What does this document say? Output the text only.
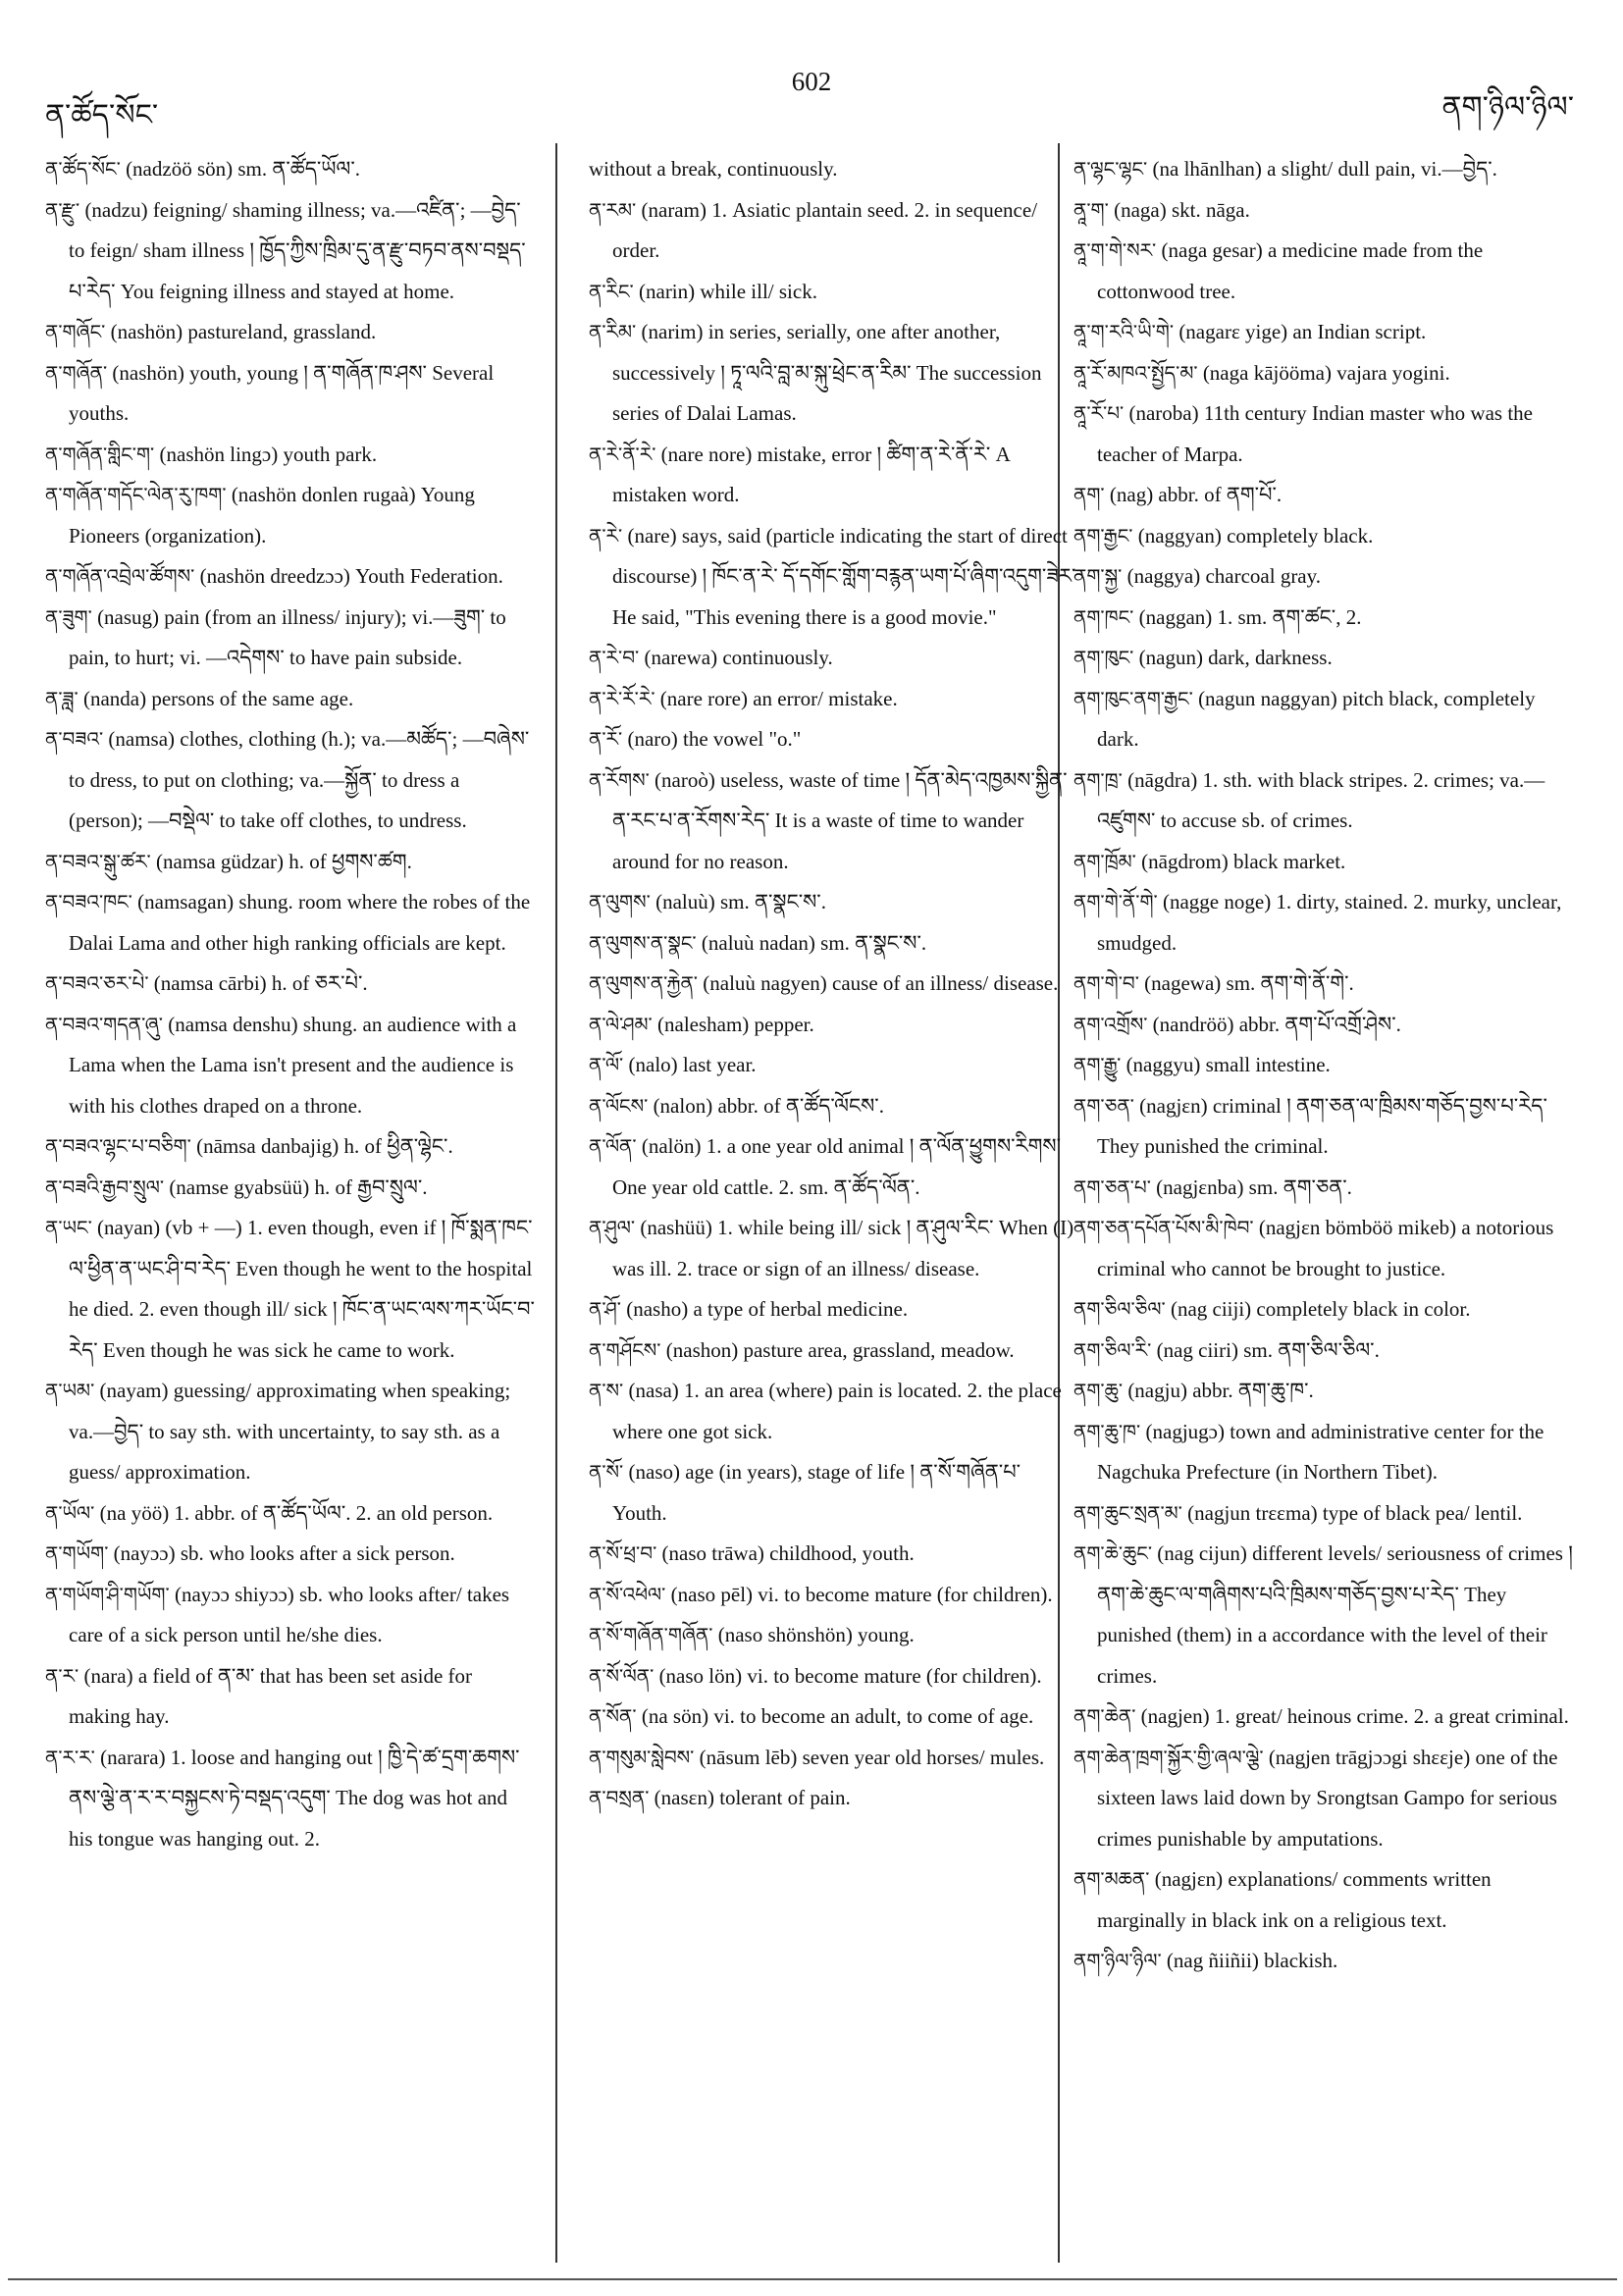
ན་ཚོད་སོང་
602
ནག་ཉིལ་ཉིལ་
ན་ཚོད་སོང་ (nadzöö sön) sm. ན་ཚོད་ཡོལ་.
ན་རྫུ་ (nadzu) feigning/ shaming illness; va.—འཛིན་; —བྱེད་ to feign/ sham illness ། ཁྱོད་ཀྱིས་ཁྲིམ་དུ་ན་རྫུ་བཏབ་ནས་བསྡད་པ་རེད་ You feigning illness and stayed at home.
ན་གཞོང་ (nashön) pastureland, grassland.
ན་གཞོན་ (nashön) youth, young ། ན་གཞོན་ཁ་ཤས་ Several youths.
ན་གཞོན་གླིང་ག་ (nashön lingɔ) youth park.
ན་གཞོན་གདོང་ལེན་རུ་ཁག་ (nashön donlen rugaà) Young Pioneers (organization).
ན་གཞོན་འབྲེལ་ཚོགས་ (nashön dreedzɔɔ) Youth Federation.
ན་ཟུག་ (nasug) pain (from an illness/ injury); vi.—ཟུག་ to pain, to hurt; vi. —འདེགས་ to have pain subside.
ན་ཟླ་ (nanda) persons of the same age.
ན་བཟའ་ (namsa) clothes, clothing (h.); va.—མཚོད་; —བཞེས་ to dress, to put on clothing; va.—སྐྱོན་ to dress a (person); —བསྡེལ་ to take off clothes, to undress.
ན་བཟའ་སྒུ་ཚར་ (namsa güdzar) h. of ཕྱགས་ཚག.
ན་བཟའ་ཁང་ (namsagan) shung. room where the robes of the Dalai Lama and other high ranking officials are kept.
ན་བཟའ་ཅར་པེ་ (namsa cārbi) h. of ཅར་པེ་.
ན་བཟའ་གདན་ཞུ་ (namsa denshu) shung. an audience with a Lama when the Lama isn't present and the audience is with his clothes draped on a throne.
ན་བཟའ་ལྷང་པ་བཅིག་ (nāmsa danbajig) h. of ཕྱིན་ལྷེང་.
ན་བཟའི་རྒྱབ་སྲུལ་ (namse gyabsüü) h. of རྒྱབ་སྲུལ་.
ན་ཡང་ (nayan) (vb + —) 1. even though, even if ། ཁོ་སྨན་ཁང་ལ་ཕྱིན་ན་ཡང་ཤི་བ་རེད་ Even though he went to the hospital he died. 2. even though ill/ sick ། ཁོང་ན་ཡང་ལས་ཀར་ཡོང་བ་རེད་ Even though he was sick he came to work.
ན་ཡམ་ (nayam) guessing/ approximating when speaking; va.—བྱེད་ to say sth. with uncertainty, to say sth. as a guess/ approximation.
ན་ཡོལ་ (na yöö) 1. abbr. of ན་ཚོད་ཡོལ་. 2. an old person.
ན་གཡོག་ (nayɔɔ) sb. who looks after a sick person.
ན་གཡོག་ཤི་གཡོག་ (nayɔɔ shiyɔɔ) sb. who looks after/ takes care of a sick person until he/she dies.
ན་ར་ (nara) a field of ན་མ་ that has been set aside for making hay.
ན་ར་ར་ (narara) 1. loose and hanging out ། ཁྱི་དེ་ཚ་དྲག་ཆགས་ནས་ལྕེ་ན་ར་ར་བསྐྱངས་ཏེ་བསྡད་འདུག་ The dog was hot and his tongue was hanging out. 2.
without a break, continuously.
ན་རམ་ (naram) 1. Asiatic plantain seed. 2. in sequence/ order.
ན་རིང་ (narin) while ill/ sick.
ན་རིམ་ (narim) in series, serially, one after another, successively ། ཏཱ་ལའི་བླ་མ་སྐུ་ཕྲེང་ན་རིམ་ The succession series of Dalai Lamas.
ན་རེ་ནོ་རེ་ (nare nore) mistake, error ། ཚིག་ན་རེ་ནོ་རེ་ A mistaken word.
ན་རེ་ (nare) says, said (particle indicating the start of direct discourse) ། ཁོང་ན་རེ་ དོ་དགོང་གློག་བརྙན་ཡག་པོ་ཞིག་འདུག་ཟེར་ He said, "This evening there is a good movie."
ན་རེ་བ་ (narewa) continuously.
ན་རེ་རོ་རེ་ (nare rore) an error/ mistake.
ན་རོ་ (naro) the vowel "o."
ན་རོགས་ (naroò) useless, waste of time ། དོན་མེད་འཁྱམས་སྐྱིན་ན་རང་པ་ན་རོགས་རེད་ It is a waste of time to wander around for no reason.
ན་ལུགས་ (naluù) sm. ན་སྣང་ས་.
ན་ལུགས་ན་སྣང་ (naluù nadan) sm. ན་སྣང་ས་.
ན་ལུགས་ན་རྐྱེན་ (naluù nagyen) cause of an illness/ disease.
ན་ལེ་ཤམ་ (nalesham) pepper.
ན་ལོ་ (nalo) last year.
ན་ལོངས་ (nalon) abbr. of ན་ཚོད་ལོངས་.
ན་ལོན་ (nalön) 1. a one year old animal ། ན་ལོན་ཕྱུགས་རིགས་ One year old cattle. 2. sm. ན་ཚོད་ལོན་.
ན་ཤུལ་ (nashüü) 1. while being ill/ sick ། ན་ཤུལ་རིང་ When (I) was ill. 2. trace or sign of an illness/ disease.
ན་ཤོ་ (nasho) a type of herbal medicine.
ན་གཤོངས་ (nashon) pasture area, grassland, meadow.
ན་ས་ (nasa) 1. an area (where) pain is located. 2. the place where one got sick.
ན་སོ་ (naso) age (in years), stage of life ། ན་སོ་གཞོན་པ་ Youth.
ན་སོ་ཕྲ་བ་ (naso trāwa) childhood, youth.
ན་སོ་འཕེལ་ (naso pēl) vi. to become mature (for children).
ན་སོ་གཞོན་གཞོན་ (naso shönshön) young.
ན་སོ་ལོན་ (naso lön) vi. to become mature (for children).
ན་སོན་ (na sön) vi. to become an adult, to come of age.
ན་གསུམ་སླེབས་ (nāsum lēb) seven year old horses/ mules.
ན་བསྲན་ (nasɛn) tolerant of pain.
ན་ལྷང་ལྷང་ (na lhānlhan) a slight/ dull pain, vi.—བྱེད་.
ནཱ་ག་ (naga) skt. nāga.
ནཱ་ག་གེ་སར་ (naga gesar) a medicine made from the cottonwood tree.
ནཱ་ག་རའི་ཡི་གེ་ (nagarɛ yige) an Indian script.
ནཱ་རོ་མཁའ་སྤྱོད་མ་ (naga kājööma) vajara yogini.
ནཱ་རོ་པ་ (naroba) 11th century Indian master who was the teacher of Marpa.
ནག་ (nag) abbr. of ནག་པོ་.
ནག་རྒྱང་ (naggyan) completely black.
ནག་སྐྱ་ (naggya) charcoal gray.
ནག་ཁང་ (naggan) 1. sm. ནག་ཚང་, 2.
ནག་ཁུང་ (nagun) dark, darkness.
ནག་ཁུང་ནག་རྒྱང་ (nagun naggyan) pitch black, completely dark.
ནག་ཁྲ་ (nāgdra) 1. sth. with black stripes. 2. crimes; va.—འཛུགས་ to accuse sb. of crimes.
ནག་ཁྲོམ་ (nāgdrom) black market.
ནག་གེ་ནོ་གེ་ (nagge noge) 1. dirty, stained. 2. murky, unclear, smudged.
ནག་གེ་བ་ (nagewa) sm. ནག་གེ་ནོ་གེ་.
ནག་འགྲོས་ (nandröö) abbr. ནག་པོ་འགྲོ་ཤེས་.
ནག་རྒྱུ་ (naggyu) small intestine.
ནག་ཅན་ (nagjɛn) criminal ། ནག་ཅན་ལ་ཁྲིམས་གཅོད་བྱས་པ་རེད་ They punished the criminal.
ནག་ཅན་པ་ (nagjɛnba) sm. ནག་ཅན་.
ནག་ཅན་དཔོན་པོས་མི་ཁེབ་ (nagjɛn bömböö mikeb) a notorious criminal who cannot be brought to justice.
ནག་ཅིལ་ཅིལ་ (nag ciiji) completely black in color.
ནག་ཅིལ་རི་ (nag ciiri) sm. ནག་ཅིལ་ཅིལ་.
ནག་ཆུ་ (nagju) abbr. ནག་ཆུ་ཁ་.
ནག་ཆུ་ཁ་ (nagjugɔ) town and administrative center for the Nagchuka Prefecture (in Northern Tibet).
ནག་ཆུང་སྲན་མ་ (nagjun trɛɛma) type of black pea/ lentil.
ནག་ཆེ་ཆུང་ (nag cijun) different levels/ seriousness of crimes ། ནག་ཆེ་ཆུང་ལ་གཞིགས་པའི་ཁྲིམས་གཅོད་བྱས་པ་རེད་ They punished (them) in a accordance with the level of their crimes.
ནག་ཆེན་ (nagjen) 1. great/ heinous crime. 2. a great criminal.
ནག་ཆེན་ཁྲག་སྐྱོར་གྱི་ཞལ་ལྕེ་ (nagjen trāgjɔɔgi shɛɛje) one of the sixteen laws laid down by Srongtsan Gampo for serious crimes punishable by amputations.
ནག་མཆན་ (nagjɛn) explanations/ comments written marginally in black ink on a religious text.
ནག་ཉིལ་ཉིལ་ (nag ñiiñii) blackish.
